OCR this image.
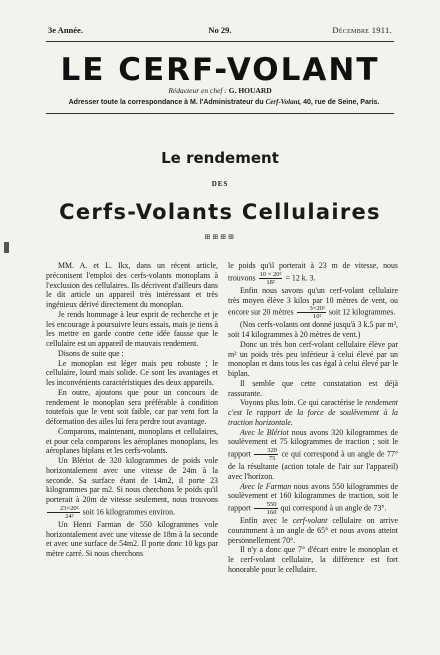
3e Année.	No 29.	Décembre 1911.
LE CERF-VOLANT
Rédacteur en chef : G. HOUARD
Adresser toute la correspondance à M. l'Administrateur du Cerf-Volant, 40, rue de Seine, Paris.
Le rendement
DES
Cerfs-Volants Cellulaires
⊞⊞⊞⊞

MM. A. et L. Ikx, dans un récent article, préconisent l'emploi des cerfs-volants monoplans à l'exclusion des cellulaires. Ils décrivent d'ailleurs dans le dit article un appareil très intéressant et très ingénieux dérivé directement du monoplan.

Je rends hommage à leur esprit de recherche et je les encourage à poursuivre leurs essais, mais je tiens à les mettre en garde contre cette idée fausse que le cellulaire est un appareil de mauvais rendement.

Disons de suite que :

Le monoplan est léger mais peu robuste ; le cellulaire, lourd mais solide. Ce sont les avantages et les inconvénients caractéristiques des deux appareils.

En outre, ajoutons que pour un concours de rendement le monoplan sera préférable à condition toutefois que le vent soit faible, car par vent fort la déformation des ailes lui fera perdre tout avantage.

Comparons, maintenant, monoplans et cellulaires, et pour cela comparons les aéroplanes monoplans, les aéroplanes biplans et les cerfs-volants.

Un Blériot de 320 kilogrammes de poids vole horizontalement avec une vitesse de 24m à la seconde. Sa surface étant de 14m2, il porte 23 kilogrammes par m2. Si nous cherchons le poids qu'il porterait à 20m de vitesse seulement, nous trouvons
$\frac{\text{23×20²}}{\text{24²}}$ soit 16 kilogrammes environ.

Un Henri Farman de 550 kilogrammes vole horizontalement avec une vitesse de 18m à la seconde et avec une surface de 54m2. Il porte donc 10 kgs par mètre carré. Si nous cherchons

le poids qu'il porterait à 23 m de vitesse, nous trouvons $\frac{\text{10 × 20²}}{\text{18²}} = 12$ k. 3.

Enfin nous savons qu'un cerf-volant cellulaire très moyen élève 3 kilos par 10 mètres de vent, ou encore sur 20 mètres $\frac{\text{3×20²}}{\text{10²}}$ soit 12 kilogrammes.

(Nos cerfs-volants ont donné jusqu'à 3 k.5 par m², soit 14 kilogrammes à 20 mètres de vent.)

Donc un très bon cerf-volant cellulaire élève par m² un poids très peu inférieur à celui élevé par un monoplan et dans tous les cas égal à celui élevé par le biplan.

Il semble que cette constatation est déjà rassurante.

Voyons plus loin. Ce qui caractérise le rendement c'est le rapport de la force de soulèvement à la traction horizontale.

Avec le Blériot nous avons 320 kilogrammes de soulèvement et 75 kilogrammes de traction ; soit le rapport $\frac{320}{75}$ ce qui correspond à un angle de 77° de la résultante (action totale de l'air sur l'appareil) avec l'horizon.

Avec le Farman nous avons 550 kilogrammes de soulèvement et 160 kilogrammes de traction, soit le rapport $\frac{550}{160}$ qui correspond à un angle de 73°.

Enfin avec le cerf-volant cellulaire on arrive couramment à un angle de 65° et nous avons atteint personnellement 70°.

Il n'y a donc que 7° d'écart entre le monoplan et le cerf-volant cellulaire, la différence est fort honorable pour le cellulaire.
